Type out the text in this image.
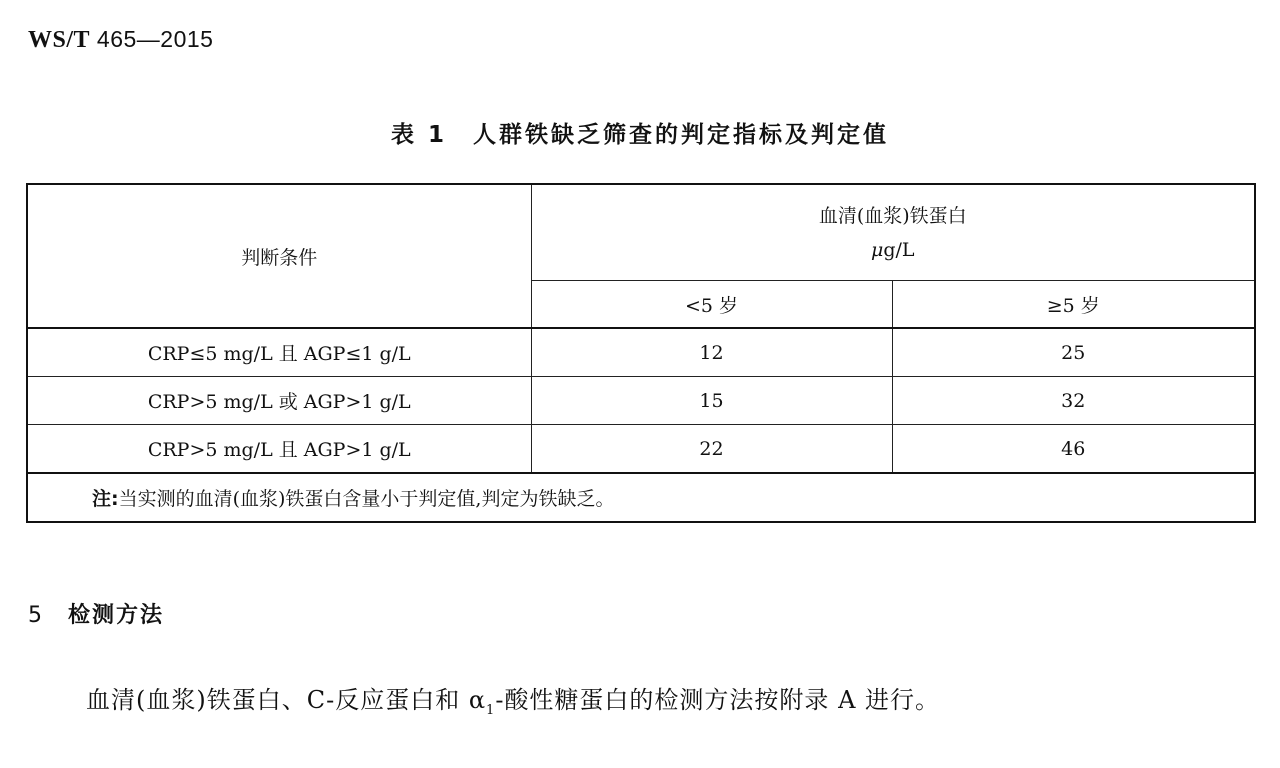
WS/T 465—2015
表 1 人群铁缺乏筛查的判定指标及判定值
判断条件	血清(血浆)铁蛋白
μg/L	

	<5 岁	≥5 岁
CRP≤5 mg/L 且 AGP≤1 g/L	12	25
CRP>5 mg/L 或 AGP>1 g/L	15	32
CRP>5 mg/L 且 AGP>1 g/L	22	46
注:当实测的血清(血浆)铁蛋白含量小于判定值,判定为铁缺乏。		
5 检测方法
血清(血浆)铁蛋白、C-反应蛋白和 $\alpha_1-$酸性糖蛋白的检测方法按附录 A 进行。
